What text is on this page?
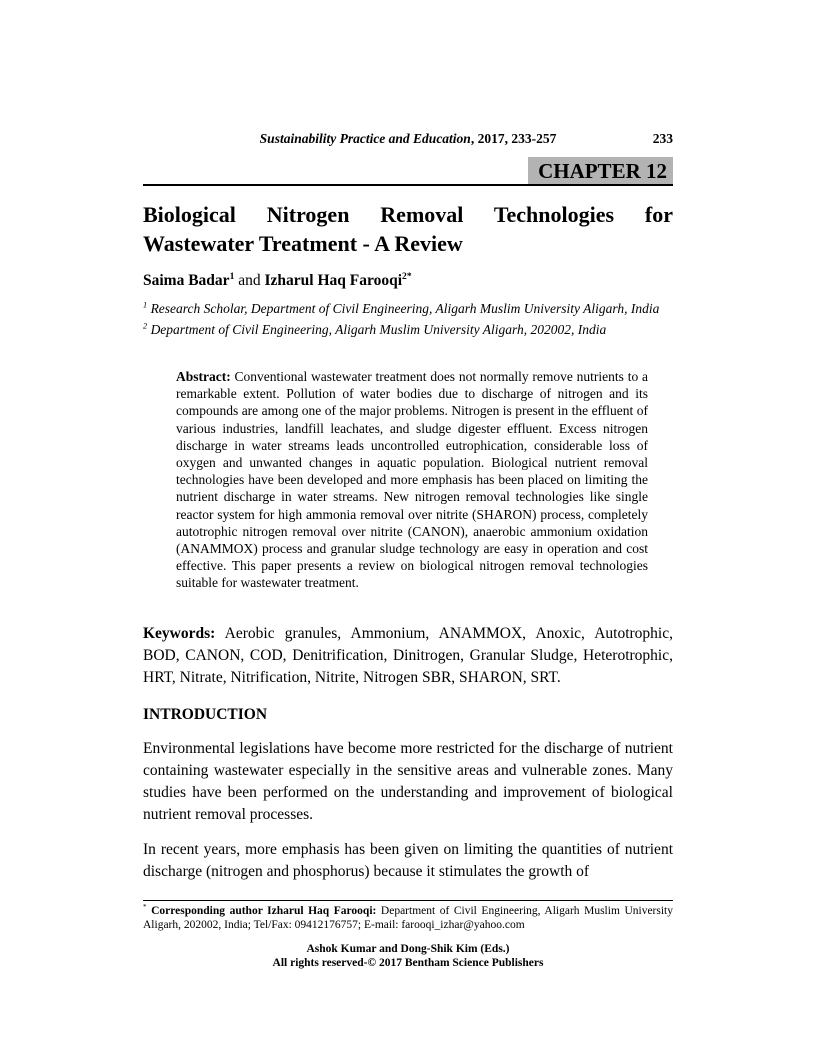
Sustainability Practice and Education, 2017, 233-257	233
CHAPTER 12
Biological Nitrogen Removal Technologies for Wastewater Treatment - A Review
Saima Badar$^1$ and Izharul Haq Farooqi$^{2*}$
$^1$ Research Scholar, Department of Civil Engineering, Aligarh Muslim University Aligarh, India
$^2$ Department of Civil Engineering, Aligarh Muslim University Aligarh, 202002, India

Abstract: Conventional wastewater treatment does not normally remove nutrients to a remarkable extent. Pollution of water bodies due to discharge of nitrogen and its compounds are among one of the major problems. Nitrogen is present in the effluent of various industries, landfill leachates, and sludge digester effluent. Excess nitrogen discharge in water streams leads uncontrolled eutrophication, considerable loss of oxygen and unwanted changes in aquatic population. Biological nutrient removal technologies have been developed and more emphasis has been placed on limiting the nutrient discharge in water streams. New nitrogen removal technologies like single reactor system for high ammonia removal over nitrite (SHARON) process, completely autotrophic nitrogen removal over nitrite (CANON), anaerobic ammonium oxidation (ANAMMOX) process and granular sludge technology are easy in operation and cost effective. This paper presents a review on biological nitrogen removal technologies suitable for wastewater treatment.

Keywords: Aerobic granules, Ammonium, ANAMMOX, Anoxic, Autotrophic, BOD, CANON, COD, Denitrification, Dinitrogen, Granular Sludge, Heterotrophic, HRT, Nitrate, Nitrification, Nitrite, Nitrogen SBR, SHARON, SRT.

INTRODUCTION

Environmental legislations have become more restricted for the discharge of nutrient containing wastewater especially in the sensitive areas and vulnerable zones. Many studies have been performed on the understanding and improvement of biological nutrient removal processes.

In recent years, more emphasis has been given on limiting the quantities of nutrient discharge (nitrogen and phosphorus) because it stimulates the growth of

* Corresponding author Izharul Haq Farooqi: Department of Civil Engineering, Aligarh Muslim University Aligarh, 202002, India; Tel/Fax: 09412176757; E-mail: farooqi_izhar@yahoo.com

Ashok Kumar and Dong-Shik Kim (Eds.)
All rights reserved-© 2017 Bentham Science Publishers
